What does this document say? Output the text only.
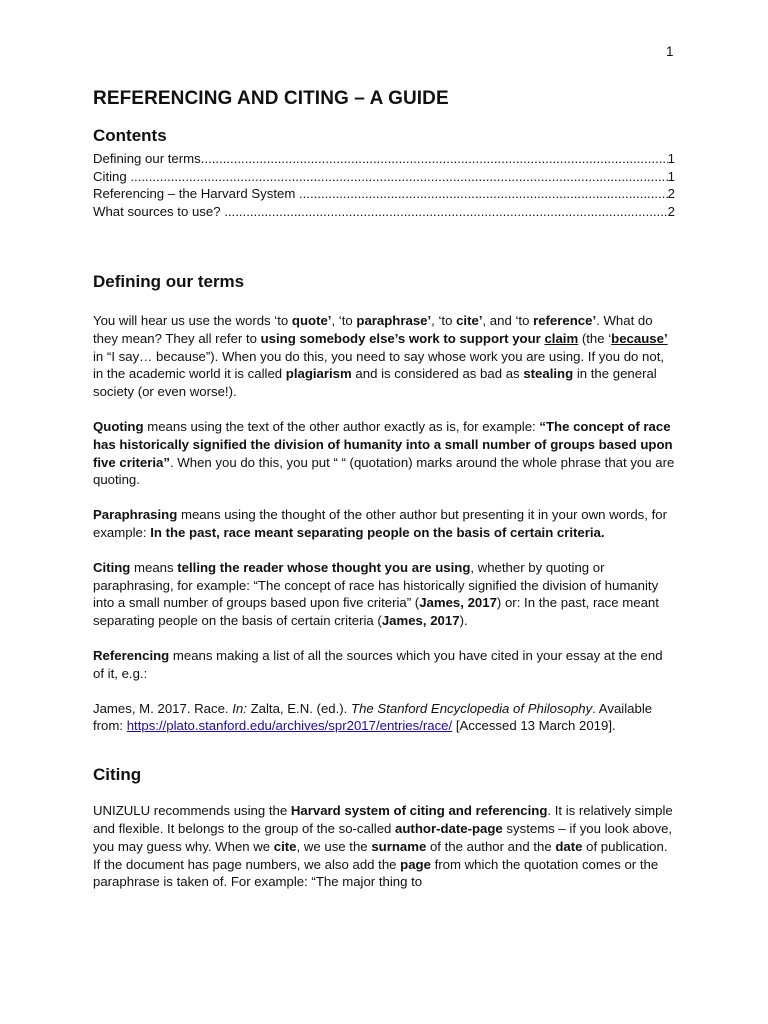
1
REFERENCING AND CITING – A GUIDE
Contents
Defining our terms .....	1
Citing .....	1
Referencing – the Harvard System .....	2
What sources to use? .....	2
Defining our terms

You will hear us use the words ‘to quote’, ‘to paraphrase’, ‘to cite’, and ‘to reference’. What do they mean? They all refer to using somebody else’s work to support your claim (the ‘because’ in “I say… because”). When you do this, you need to say whose work you are using. If you do not, in the academic world it is called plagiarism and is considered as bad as stealing in the general society (or even worse!).

Quoting means using the text of the other author exactly as is, for example: “The concept of race has historically signified the division of humanity into a small number of groups based upon five criteria”. When you do this, you put “ “ (quotation) marks around the whole phrase that you are quoting.

Paraphrasing means using the thought of the other author but presenting it in your own words, for example: In the past, race meant separating people on the basis of certain criteria.

Citing means telling the reader whose thought you are using, whether by quoting or paraphrasing, for example: “The concept of race has historically signified the division of humanity into a small number of groups based upon five criteria” (James, 2017) or: In the past, race meant separating people on the basis of certain criteria (James, 2017).

Referencing means making a list of all the sources which you have cited in your essay at the end of it, e.g.:

James, M. 2017. Race. In: Zalta, E.N. (ed.). The Stanford Encyclopedia of Philosophy. Available from: https://plato.stanford.edu/archives/spr2017/entries/race/ [Accessed 13 March 2019].

Citing

UNIZULU recommends using the Harvard system of citing and referencing. It is relatively simple and flexible. It belongs to the group of the so-called author-date-page systems – if you look above, you may guess why. When we cite, we use the surname of the author and the date of publication. If the document has page numbers, we also add the page from which the quotation comes or the paraphrase is taken of. For example: “The major thing to
